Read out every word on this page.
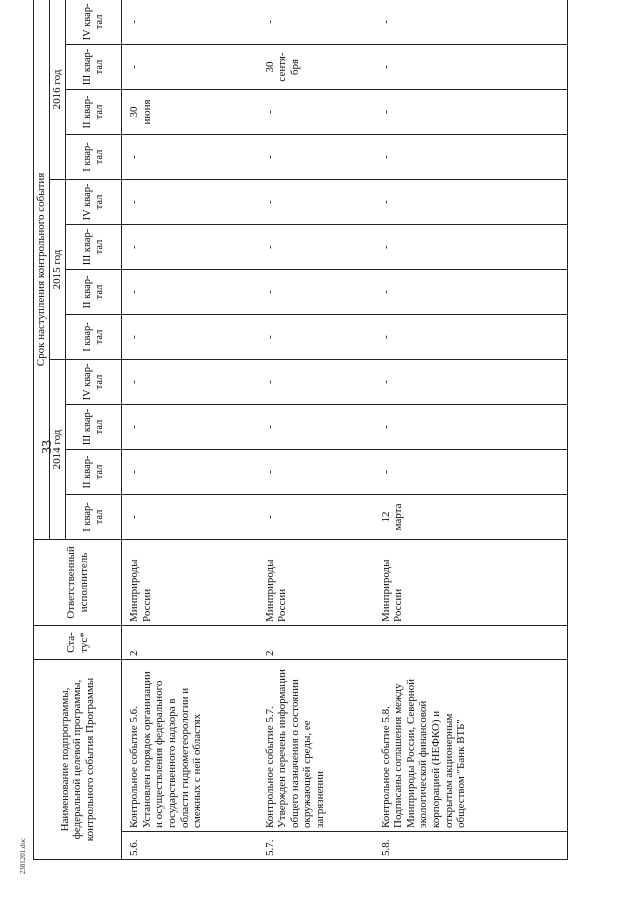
33
Наименование подпрограммы, федеральной целевой программы, контрольного события Программы		Ста-тус*	Ответственный исполнитель	Срок наступления контрольного события											
				2014 год				2015 год				2016 год			
				I квар-тал	II квар-тал	III квар-тал	IV квар-тал	I квар-тал	II квар-тал	III квар-тал	IV квар-тал	I квар-тал	II квар-тал	III квар-тал	IV квар-тал
5.6.	Контрольное событие 5.6. Установлен порядок организации и осуществления федерального государственного надзора в области гидрометеорологии и смежных с ней областях	2	Минприроды России	-	-	-	-	-	-	-	-	-	30 июня	-	-
5.7.	Контрольное событие 5.7. Утвержден перечень информации общего назначения о состоянии окружающей среды, ее загрязнении	2	Минприроды России	-	-	-	-	-	-	-	-	-	-	30 сентя-бря	-
5.8.	Контрольное событие 5.8. Подписаны соглашения между Минприроды России, Северной экологической финансовой корпорацией (НЕФКО) и открытым акционерным обществом "Банк ВТБ"		Минприроды России	12 марта	-	-	-	-	-	-	-	-	-	-	-
2381201.doc
